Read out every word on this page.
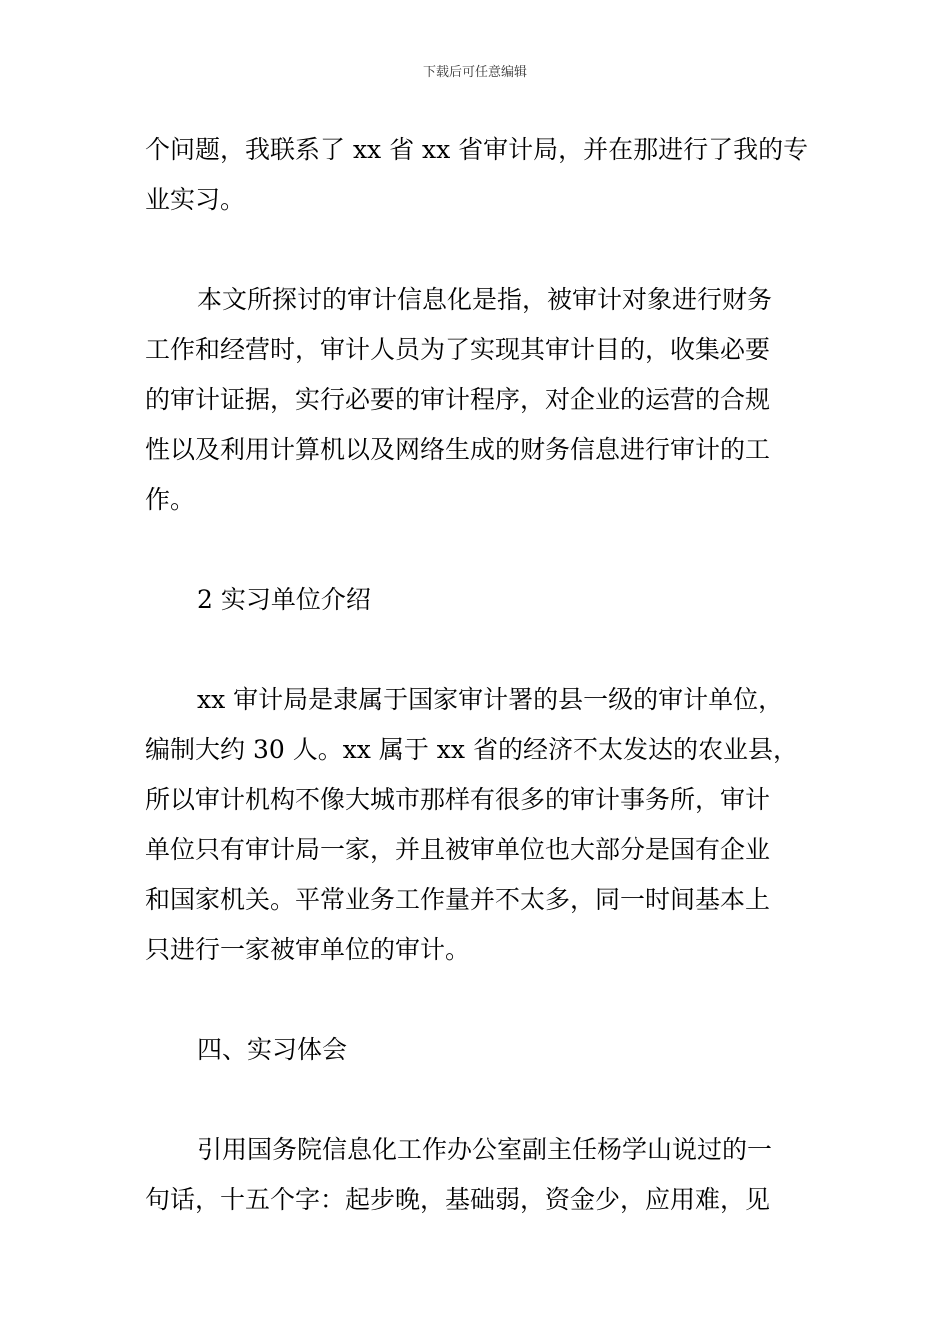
下载后可任意编辑
个问题，我联系了 xx 省 xx 省审计局，并在那进行了我的专
业实习。
本文所探讨的审计信息化是指，被审计对象进行财务
工作和经营时，审计人员为了实现其审计目的，收集必要
的审计证据，实行必要的审计程序，对企业的运营的合规
性以及利用计算机以及网络生成的财务信息进行审计的工
作。
2 实习单位介绍
xx 审计局是隶属于国家审计署的县一级的审计单位，
编制大约 30 人。xx 属于 xx 省的经济不太发达的农业县，
所以审计机构不像大城市那样有很多的审计事务所，审计
单位只有审计局一家，并且被审单位也大部分是国有企业
和国家机关。平常业务工作量并不太多，同一时间基本上
只进行一家被审单位的审计。
四、实习体会
引用国务院信息化工作办公室副主任杨学山说过的一
句话，十五个字：起步晚，基础弱，资金少，应用难，见
